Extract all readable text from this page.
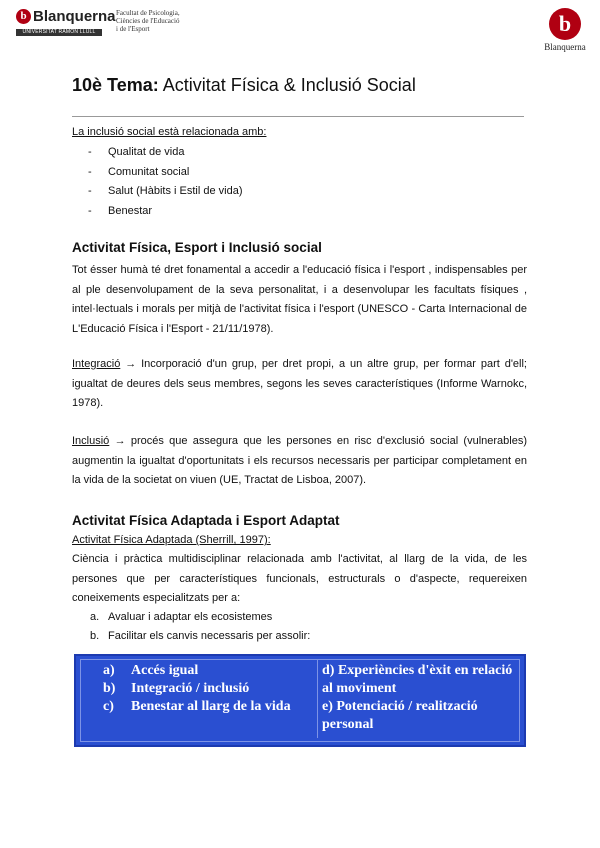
b Blanquerna
UNIVERSITAT RAMON LLULL
Facultat de Psicologia,
Ciències de l'Educació
i de l'Esport	b
Blanquerna
10è Tema: Activitat Física & Inclusió Social
La inclusió social està relacionada amb:
- Qualitat de vida
- Comunitat social
- Salut (Hàbits i Estil de vida)
- Benestar
Activitat Física, Esport i Inclusió social

Tot ésser humà té dret fonamental a accedir a l'educació física i l'esport , indispensables per al ple desenvolupament de la seva personalitat, i a desenvolupar les facultats físiques , intel·lectuals i morals per mitjà de l'activitat física i l'esport (UNESCO - Carta Internacional de L'Educació Física i l'Esport - 21/11/1978).

Integració → Incorporació d'un grup, per dret propi, a un altre grup, per formar part d'ell; igualtat de deures dels seus membres, segons les seves característiques (Informe Warnokc, 1978).

Inclusió → procés que assegura que les persones en risc d'exclusió social (vulnerables) augmentin la igualtat d'oportunitats i els recursos necessaris per participar completament en la vida de la societat on viuen (UE, Tractat de Lisboa, 2007).

Activitat Física Adaptada i Esport Adaptat
Activitat Física Adaptada (Sherrill, 1997):

Ciència i pràctica multidisciplinar relacionada amb l'activitat, al llarg de la vida, de les persones que per característiques funcionals, estructurals o d'aspecte, requereixen coneixements especialitzats per a:

a. Avaluar i adaptar els ecosistemes
b. Facilitar els canvis necessaris per assolir:
a)	Accés igual
b)	Integració / inclusió
c)	Benestar al llarg de la vida
d) Experiències d'èxit en relació al moviment
e) Potenciació / realització personal
